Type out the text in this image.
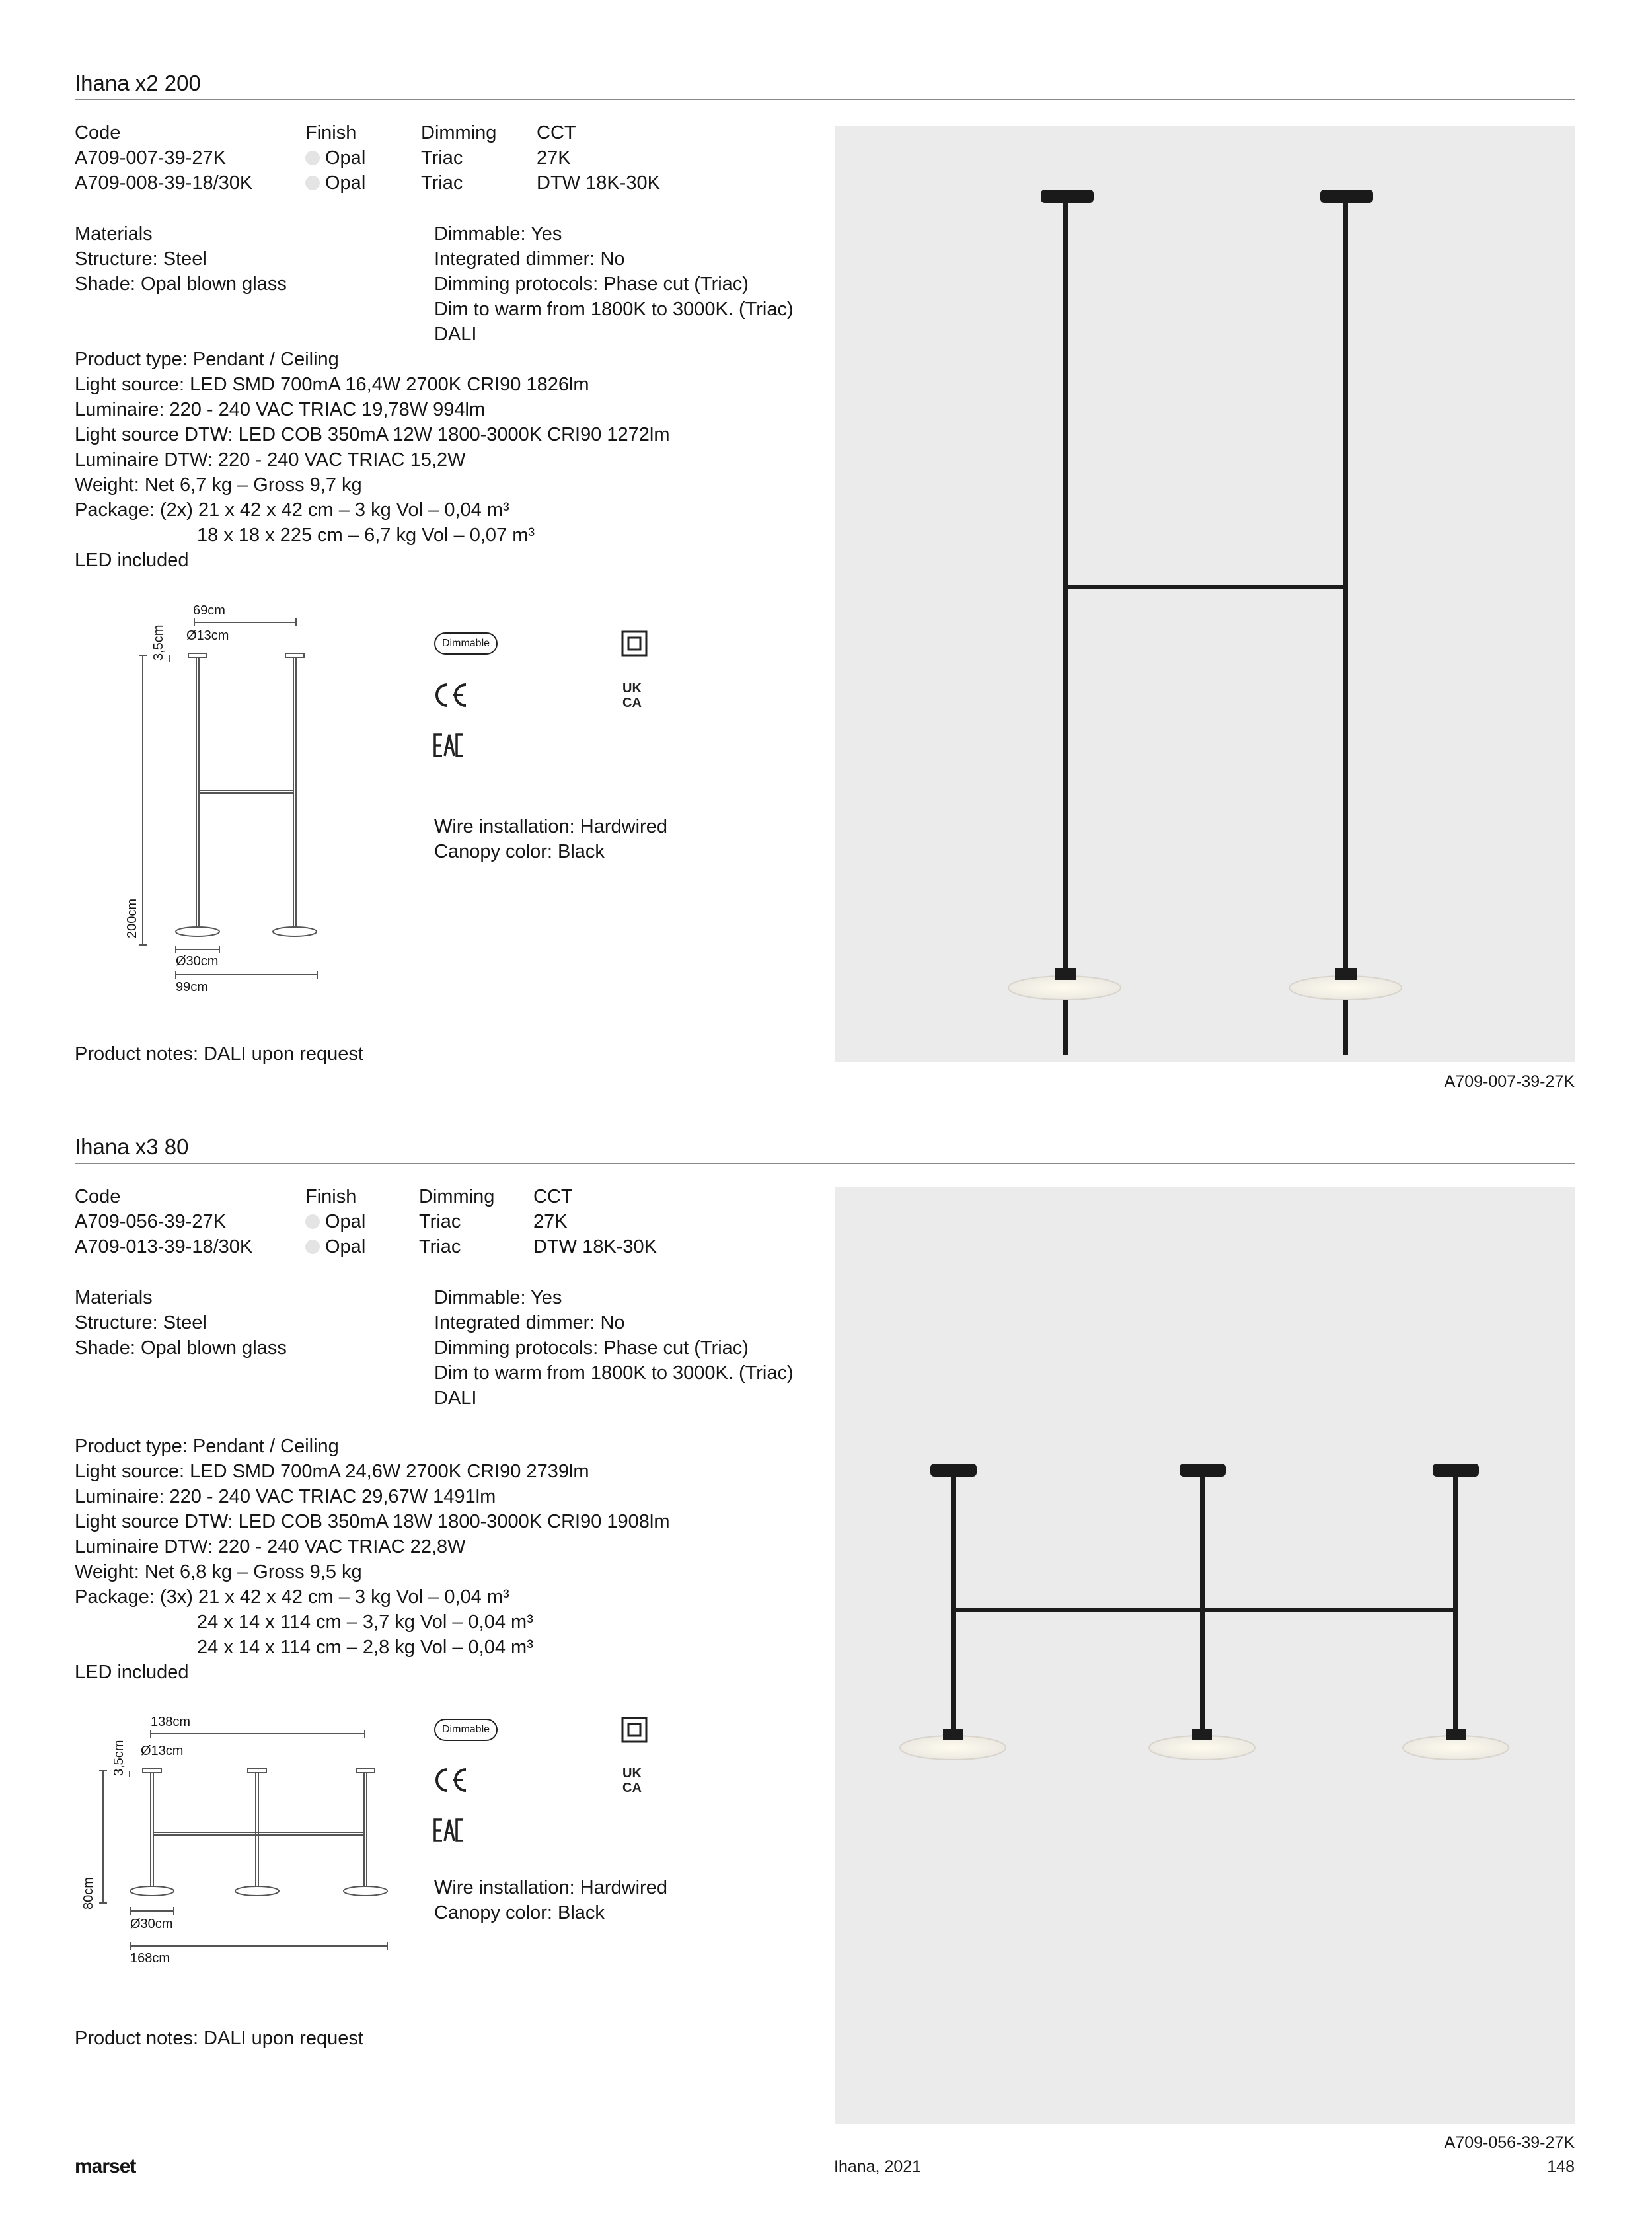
Ihana x2 200
Code	Finish	Dimming CCT
A709-007-39-27K	Opal	Triac	27K
A709-008-39-18/30K	Opal	Triac	DTW 18K-30K
Materials
Structure: Steel
Shade: Opal blown glass
Dimmable: Yes
Integrated dimmer: No
Dimming protocols: Phase cut (Triac)
Dim to warm from 1800K to 3000K. (Triac)
DALI
Product type: Pendant / Ceiling
Light source: LED SMD 700mA 16,4W 2700K CRI90 1826lm
Luminaire: 220 - 240 VAC TRIAC 19,78W 994lm
Light source DTW: LED COB 350mA 12W 1800-3000K CRI90 1272lm
Luminaire DTW: 220 - 240 VAC TRIAC 15,2W
Weight: Net 6,7 kg – Gross 9,7 kg
Package: (2x) 21 x 42 x 42 cm – 3 kg Vol – 0,04 m³
18 x 18 x 225 cm – 6,7 kg Vol – 0,07 m³
LED included
69cm
Ø13cm
3,5cm
200cm
Ø30cm
99cm
Dimmable
UK
CA
Wire installation: Hardwired
Canopy color: Black
Product notes: DALI upon request
A709-007-39-27K
Ihana x3 80
Code	Finish	Dimming CCT
A709-056-39-27K	Opal	Triac	27K
A709-013-39-18/30K	Opal	Triac	DTW 18K-30K
Materials
Structure: Steel
Shade: Opal blown glass
Dimmable: Yes
Integrated dimmer: No
Dimming protocols: Phase cut (Triac)
Dim to warm from 1800K to 3000K. (Triac)
DALI
Product type: Pendant / Ceiling
Light source: LED SMD 700mA 24,6W 2700K CRI90 2739lm
Luminaire: 220 - 240 VAC TRIAC 29,67W 1491lm
Light source DTW: LED COB 350mA 18W 1800-3000K CRI90 1908lm
Luminaire DTW: 220 - 240 VAC TRIAC 22,8W
Weight: Net 6,8 kg – Gross 9,5 kg
Package: (3x) 21 x 42 x 42 cm – 3 kg Vol – 0,04 m³
24 x 14 x 114 cm – 3,7 kg Vol – 0,04 m³
24 x 14 x 114 cm – 2,8 kg Vol – 0,04 m³
LED included
138cm
Ø13cm
3,5cm
80cm
Ø30cm
168cm
Dimmable
UK
CA
Wire installation: Hardwired
Canopy color: Black
Product notes: DALI upon request
A709-056-39-27K
marset	Ihana, 2021	148
